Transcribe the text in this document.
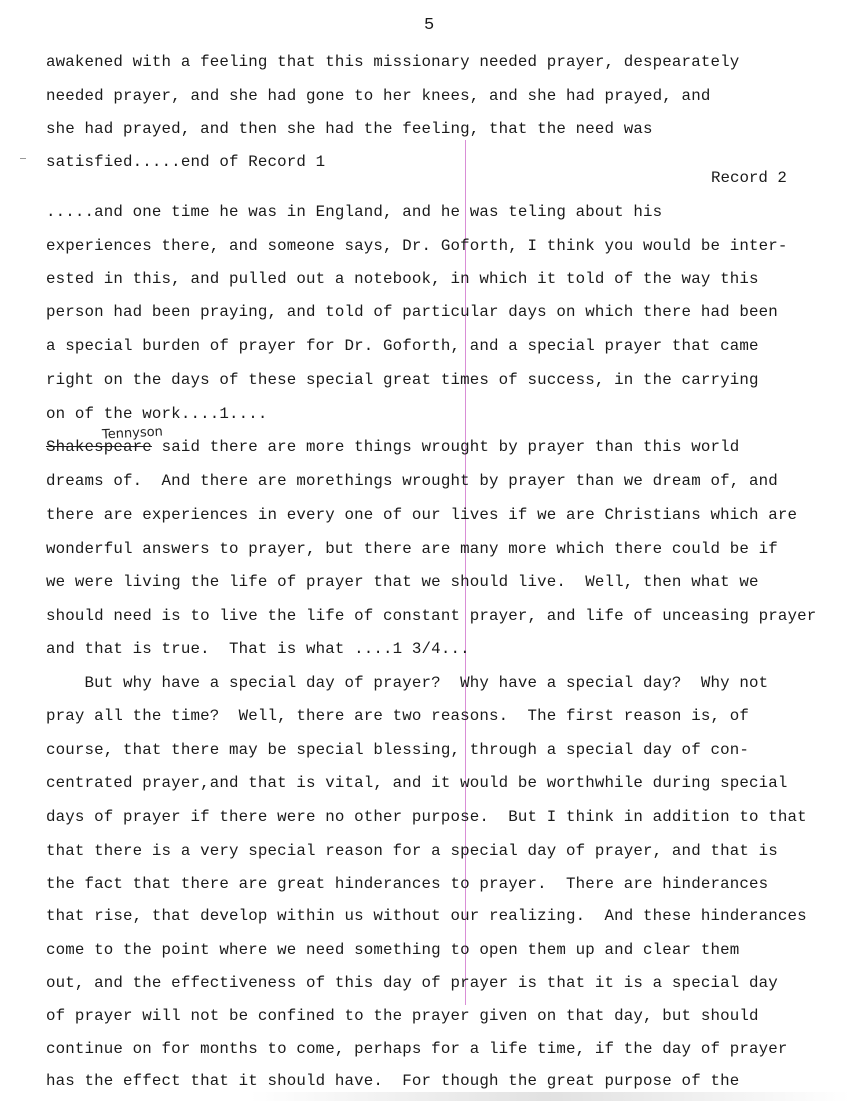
5
awakened with a feeling that this missionary needed prayer, despearately
needed prayer, and she had gone to her knees, and she had prayed, and
she had prayed, and then she had the feeling, that the need was
satisfied.....end of Record 1
Record 2
.....and one time he was in England, and he was teling about his
experiences there, and someone says, Dr. Goforth, I think you would be inter-
ested in this, and pulled out a notebook, in which it told of the way this
person had been praying, and told of particular days on which there had been
a special burden of prayer for Dr. Goforth, and a special prayer that came
right on the days of these special great times of success, in the carrying
on of the work....1....
Tennyson
Shakespeare said there are more things wrought by prayer than this world
dreams of.  And there are morethings wrought by prayer than we dream of, and
there are experiences in every one of our lives if we are Christians which are
wonderful answers to prayer, but there are many more which there could be if
we were living the life of prayer that we should live.  Well, then what we
should need is to live the life of constant prayer, and life of unceasing prayer
and that is true.  That is what ....1 3/4...
But why have a special day of prayer?  Why have a special day?  Why not
pray all the time?  Well, there are two reasons.  The first reason is, of
course, that there may be special blessing, through a special day of con-
centrated prayer,and that is vital, and it would be worthwhile during special
days of prayer if there were no other purpose.  But I think in addition to that
that there is a very special reason for a special day of prayer, and that is
the fact that there are great hinderances to prayer.  There are hinderances
that rise, that develop within us without our realizing.  And these hinderances
come to the point where we need something to open them up and clear them
out, and the effectiveness of this day of prayer is that it is a special day
of prayer will not be confined to the prayer given on that day, but should
continue on for months to come, perhaps for a life time, if the day of prayer
has the effect that it should have.  For though the great purpose of the
